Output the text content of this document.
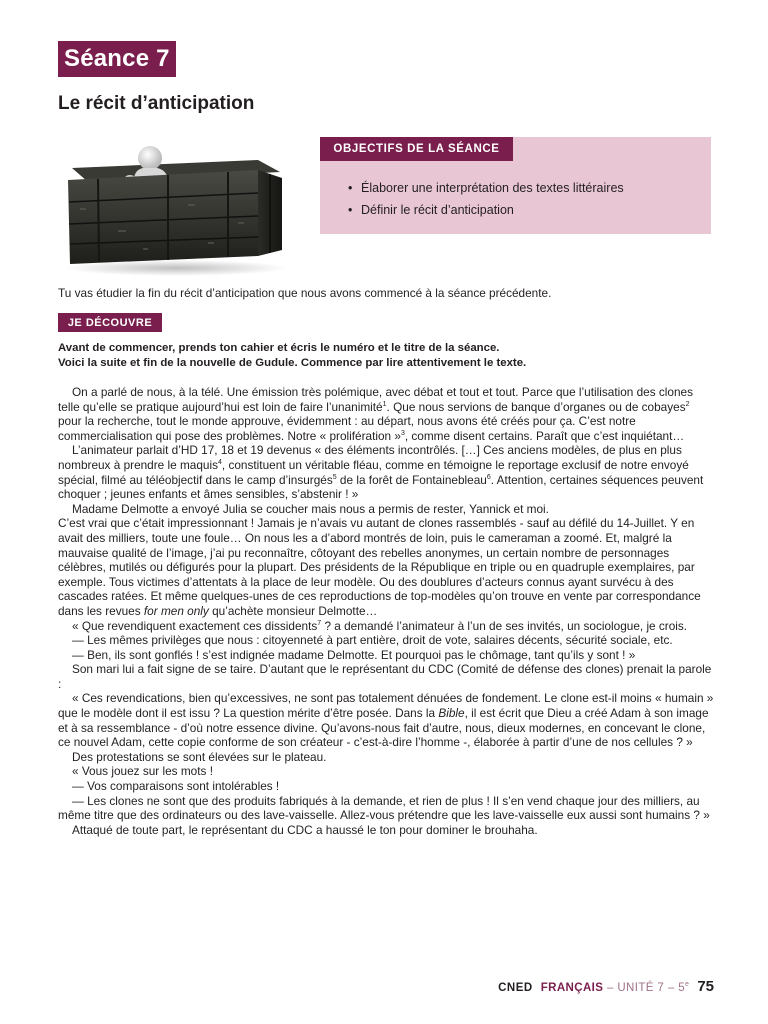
Séance 7
Le récit d’anticipation
OBJECTIFS DE LA SÉANCE
• Élaborer une interprétation des textes littéraires
• Définir le récit d’anticipation

Tu vas étudier la fin du récit d’anticipation que nous avons commencé à la séance précédente.

JE DÉCOUVRE

Avant de commencer, prends ton cahier et écris le numéro et le titre de la séance.
Voici la suite et fin de la nouvelle de Gudule. Commence par lire attentivement le texte.

On a parlé de nous, à la télé. Une émission très polémique, avec débat et tout et tout. Parce que l’utilisation des clones telle qu’elle se pratique aujourd’hui est loin de faire l’unanimité$^1$. Que nous servions de banque d’organes ou de cobayes$^2$ pour la recherche, tout le monde approuve, évidemment : au départ, nous avons été créés pour ça. C’est notre commercialisation qui pose des problèmes. Notre « prolifération »$^3$, comme disent certains. Paraît que c’est inquiétant…

L’animateur parlait d’HD 17, 18 et 19 devenus « des éléments incontrôlés. […] Ces anciens modèles, de plus en plus nombreux à prendre le maquis$^4$, constituent un véritable fléau, comme en témoigne le reportage exclusif de notre envoyé spécial, filmé au téléobjectif dans le camp d’insurgés$^5$ de la forêt de Fontainebleau$^6$. Attention, certaines séquences peuvent choquer ; jeunes enfants et âmes sensibles, s’abstenir ! »

Madame Delmotte a envoyé Julia se coucher mais nous a permis de rester, Yannick et moi.

C’est vrai que c’était impressionnant ! Jamais je n’avais vu autant de clones rassemblés - sauf au défilé du 14-Juillet. Y en avait des milliers, toute une foule… On nous les a d’abord montrés de loin, puis le cameraman a zoomé. Et, malgré la mauvaise qualité de l’image, j’ai pu reconnaître, côtoyant des rebelles anonymes, un certain nombre de personnages célèbres, mutilés ou défigurés pour la plupart. Des présidents de la République en triple ou en quadruple exemplaires, par exemple. Tous victimes d’attentats à la place de leur modèle. Ou des doublures d’acteurs connus ayant survécu à des cascades ratées. Et même quelques-unes de ces reproductions de top-modèles qu’on trouve en vente par correspondance dans les revues for men only qu’achète monsieur Delmotte…

« Que revendiquent exactement ces dissidents$^7$ ? a demandé l’animateur à l’un de ses invités, un sociologue, je crois.

— Les mêmes privilèges que nous : citoyenneté à part entière, droit de vote, salaires décents, sécurité sociale, etc.

— Ben, ils sont gonflés ! s’est indignée madame Delmotte. Et pourquoi pas le chômage, tant qu’ils y sont ! »

Son mari lui a fait signe de se taire. D’autant que le représentant du CDC (Comité de défense des clones) prenait la parole :

« Ces revendications, bien qu’excessives, ne sont pas totalement dénuées de fondement. Le clone est-il moins « humain » que le modèle dont il est issu ? La question mérite d’être posée. Dans la Bible, il est écrit que Dieu a créé Adam à son image et à sa ressemblance - d’où notre essence divine. Qu’avons-nous fait d’autre, nous, dieux modernes, en concevant le clone, ce nouvel Adam, cette copie conforme de son créateur - c’est-à-dire l’homme -, élaborée à partir d’une de nos cellules ? »

Des protestations se sont élevées sur le plateau.

« Vous jouez sur les mots !

— Vos comparaisons sont intolérables !

— Les clones ne sont que des produits fabriqués à la demande, et rien de plus ! Il s’en vend chaque jour des milliers, au même titre que des ordinateurs ou des lave-vaisselle. Allez-vous prétendre que les lave-vaisselle eux aussi sont humains ? »

Attaqué de toute part, le représentant du CDC a haussé le ton pour dominer le brouhaha.

CNED FRANÇAIS – UNITÉ 7 – 5e 75
